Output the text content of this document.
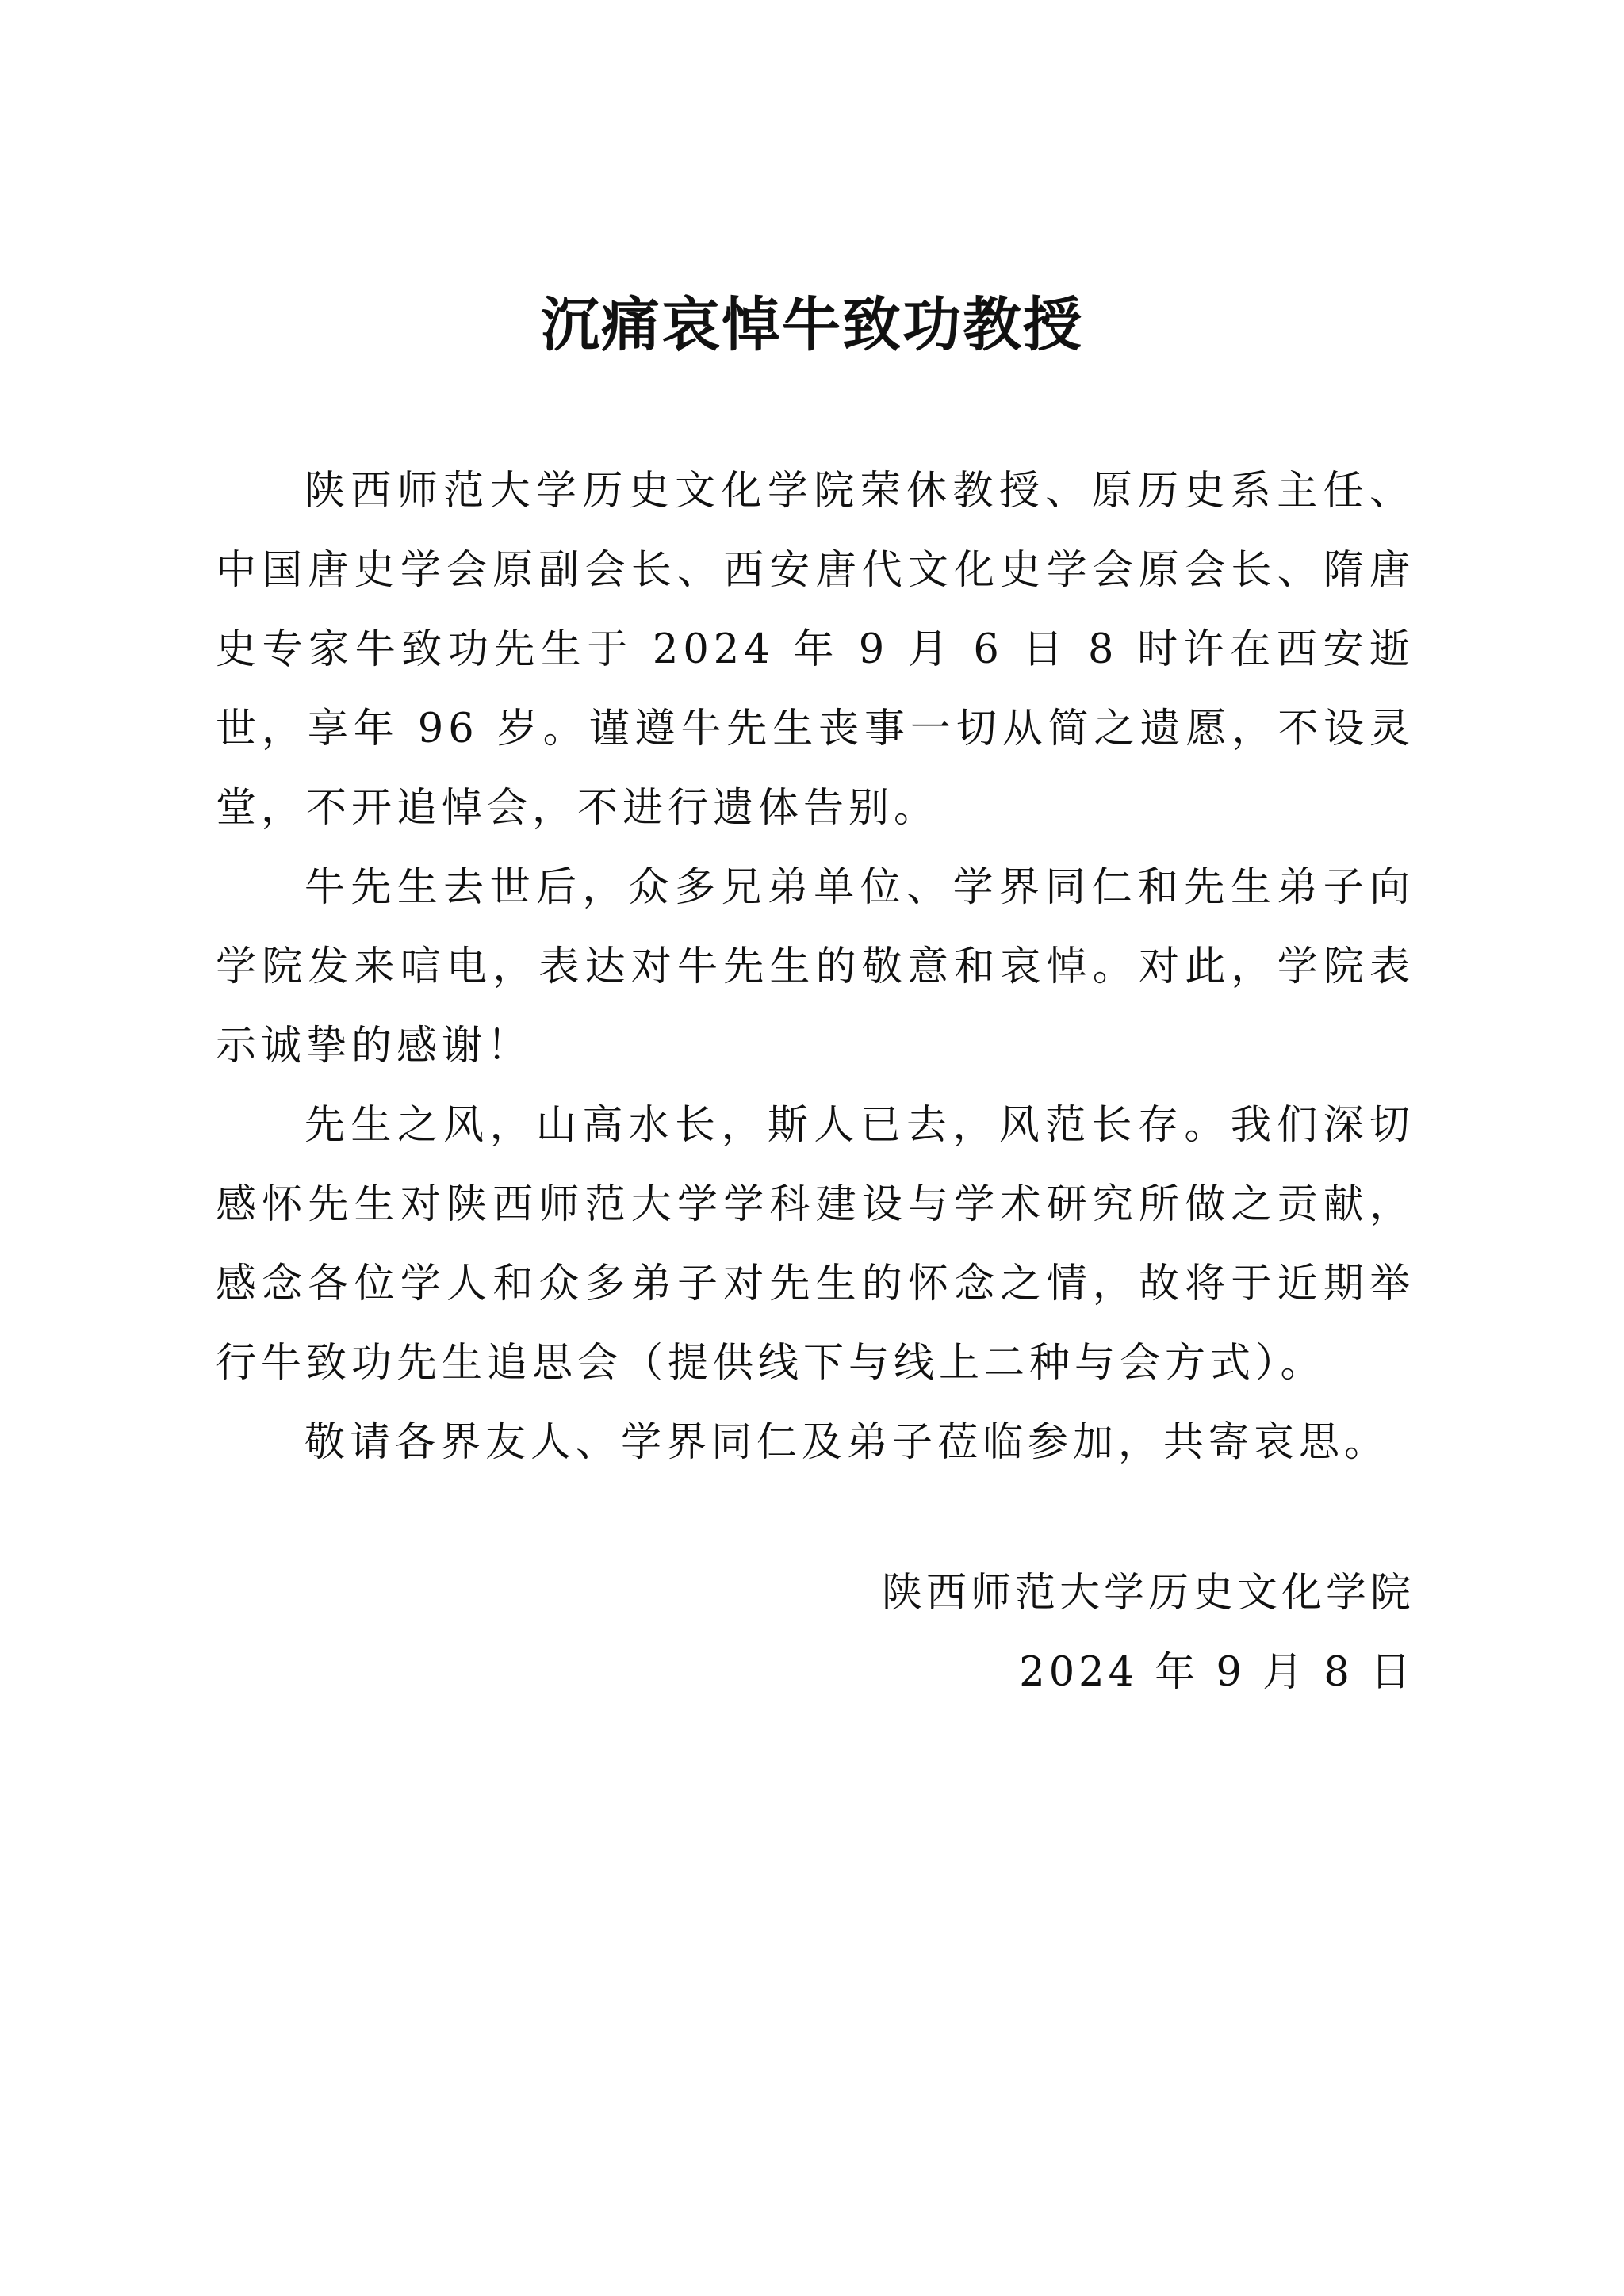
沉痛哀悼牛致功教授

陕西师范大学历史文化学院荣休教授、原历史系主任、中国唐史学会原副会长、西安唐代文化史学会原会长、隋唐史专家牛致功先生于 2024 年 9 月 6 日 8 时许在西安逝世，享年 96 岁。谨遵牛先生丧事一切从简之遗愿，不设灵堂，不开追悼会，不进行遗体告别。

牛先生去世后，众多兄弟单位、学界同仁和先生弟子向学院发来唁电，表达对牛先生的敬意和哀悼。对此，学院表示诚挚的感谢！

先生之风，山高水长，斯人已去，风范长存。我们深切感怀先生对陕西师范大学学科建设与学术研究所做之贡献，感念各位学人和众多弟子对先生的怀念之情，故将于近期举行牛致功先生追思会（提供线下与线上二种与会方式）。

敬请各界友人、学界同仁及弟子莅临参加，共寄哀思。

陕西师范大学历史文化学院
2024 年 9 月 8 日
